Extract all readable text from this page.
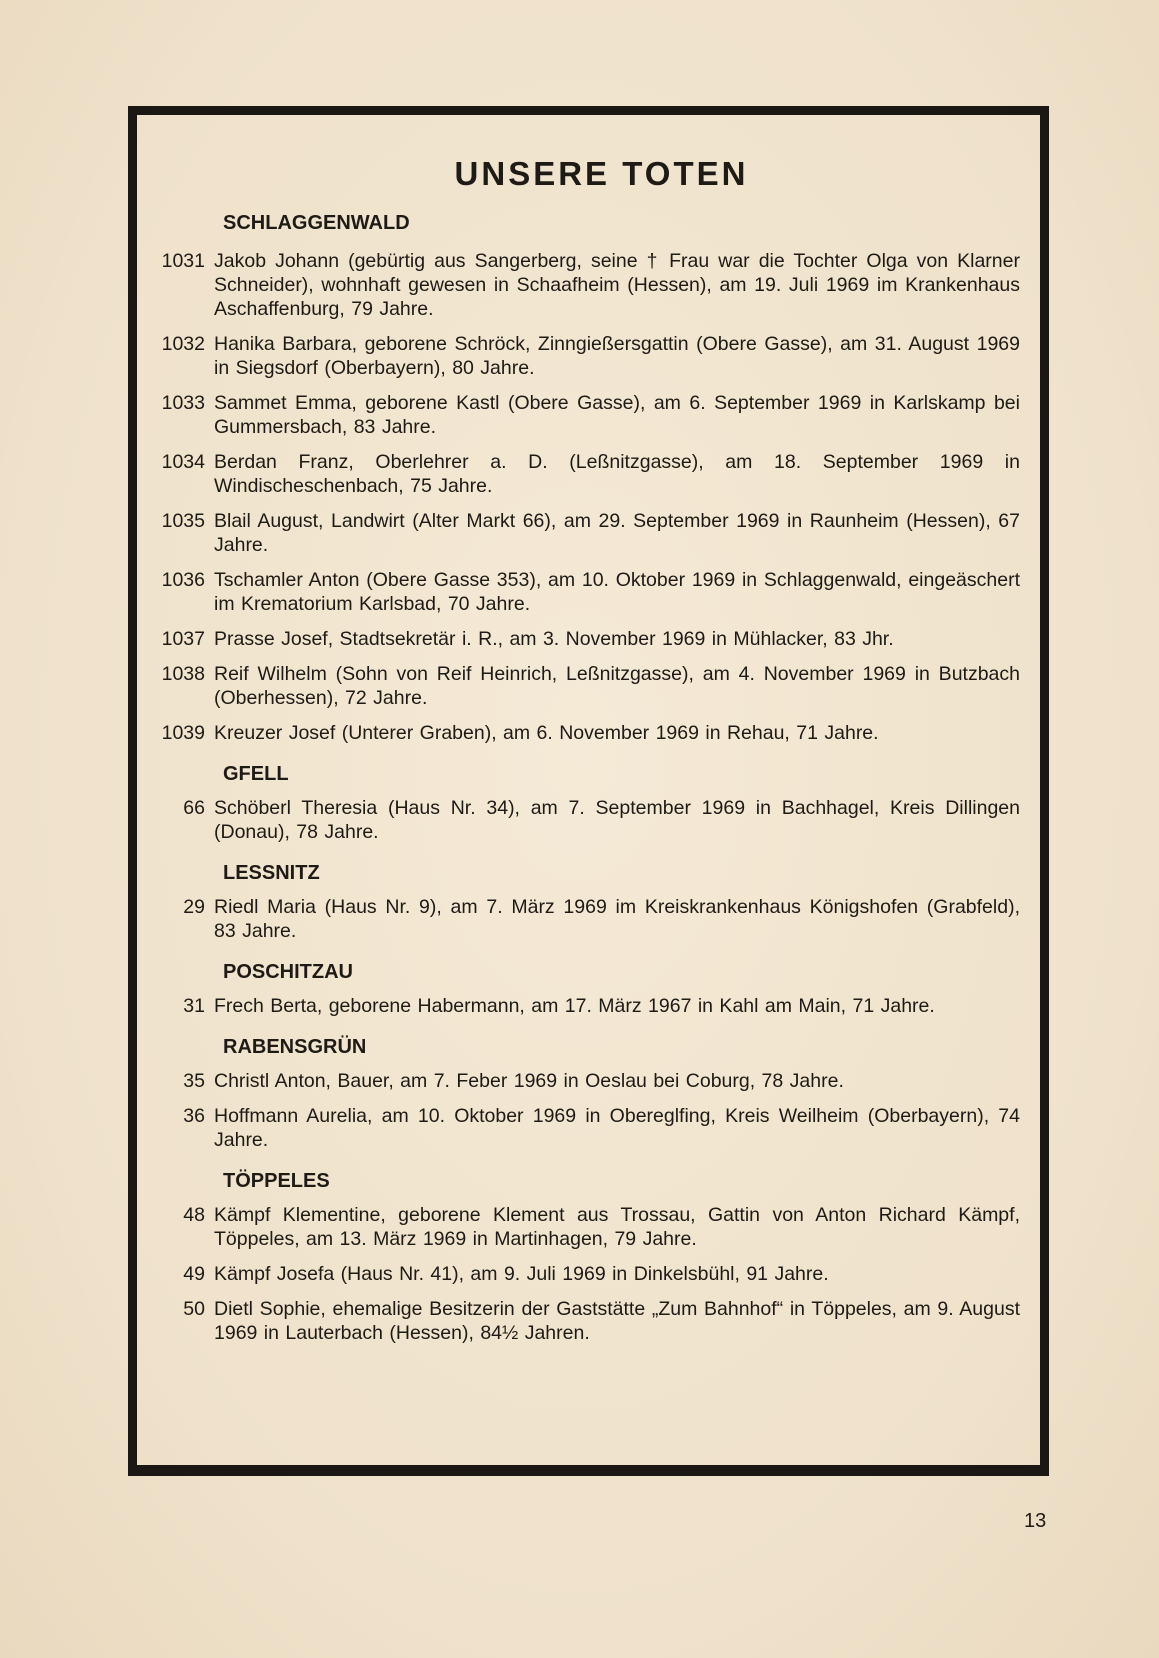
UNSERE TOTEN
SCHLAGGENWALD
1031 Jakob Johann (gebürtig aus Sangerberg, seine † Frau war die Tochter Olga von Klarner Schneider), wohnhaft gewesen in Schaafheim (Hessen), am 19. Juli 1969 im Krankenhaus Aschaffenburg, 79 Jahre.
1032 Hanika Barbara, geborene Schröck, Zinngießersgattin (Obere Gasse), am 31. August 1969 in Siegsdorf (Oberbayern), 80 Jahre.
1033 Sammet Emma, geborene Kastl (Obere Gasse), am 6. September 1969 in Karlskamp bei Gummersbach, 83 Jahre.
1034 Berdan Franz, Oberlehrer a. D. (Leßnitzgasse), am 18. September 1969 in Windischeschenbach, 75 Jahre.
1035 Blail August, Landwirt (Alter Markt 66), am 29. September 1969 in Raunheim (Hessen), 67 Jahre.
1036 Tschamler Anton (Obere Gasse 353), am 10. Oktober 1969 in Schlaggenwald, eingeäschert im Krematorium Karlsbad, 70 Jahre.
1037 Prasse Josef, Stadtsekretär i. R., am 3. November 1969 in Mühlacker, 83 Jhr.
1038 Reif Wilhelm (Sohn von Reif Heinrich, Leßnitzgasse), am 4. November 1969 in Butzbach (Oberhessen), 72 Jahre.
1039 Kreuzer Josef (Unterer Graben), am 6. November 1969 in Rehau, 71 Jahre.
GFELL
66 Schöberl Theresia (Haus Nr. 34), am 7. September 1969 in Bachhagel, Kreis Dillingen (Donau), 78 Jahre.
LESSNITZ
29 Riedl Maria (Haus Nr. 9), am 7. März 1969 im Kreiskrankenhaus Königshofen (Grabfeld), 83 Jahre.
POSCHITZAU
31 Frech Berta, geborene Habermann, am 17. März 1967 in Kahl am Main, 71 Jahre.
RABENSGRÜN
35 Christl Anton, Bauer, am 7. Feber 1969 in Oeslau bei Coburg, 78 Jahre.
36 Hoffmann Aurelia, am 10. Oktober 1969 in Obereglfing, Kreis Weilheim (Oberbayern), 74 Jahre.
TÖPPELES
48 Kämpf Klementine, geborene Klement aus Trossau, Gattin von Anton Richard Kämpf, Töppeles, am 13. März 1969 in Martinhagen, 79 Jahre.
49 Kämpf Josefa (Haus Nr. 41), am 9. Juli 1969 in Dinkelsbühl, 91 Jahre.
50 Dietl Sophie, ehemalige Besitzerin der Gaststätte „Zum Bahnhof“ in Töppeles, am 9. August 1969 in Lauterbach (Hessen), 84½ Jahren.
13
